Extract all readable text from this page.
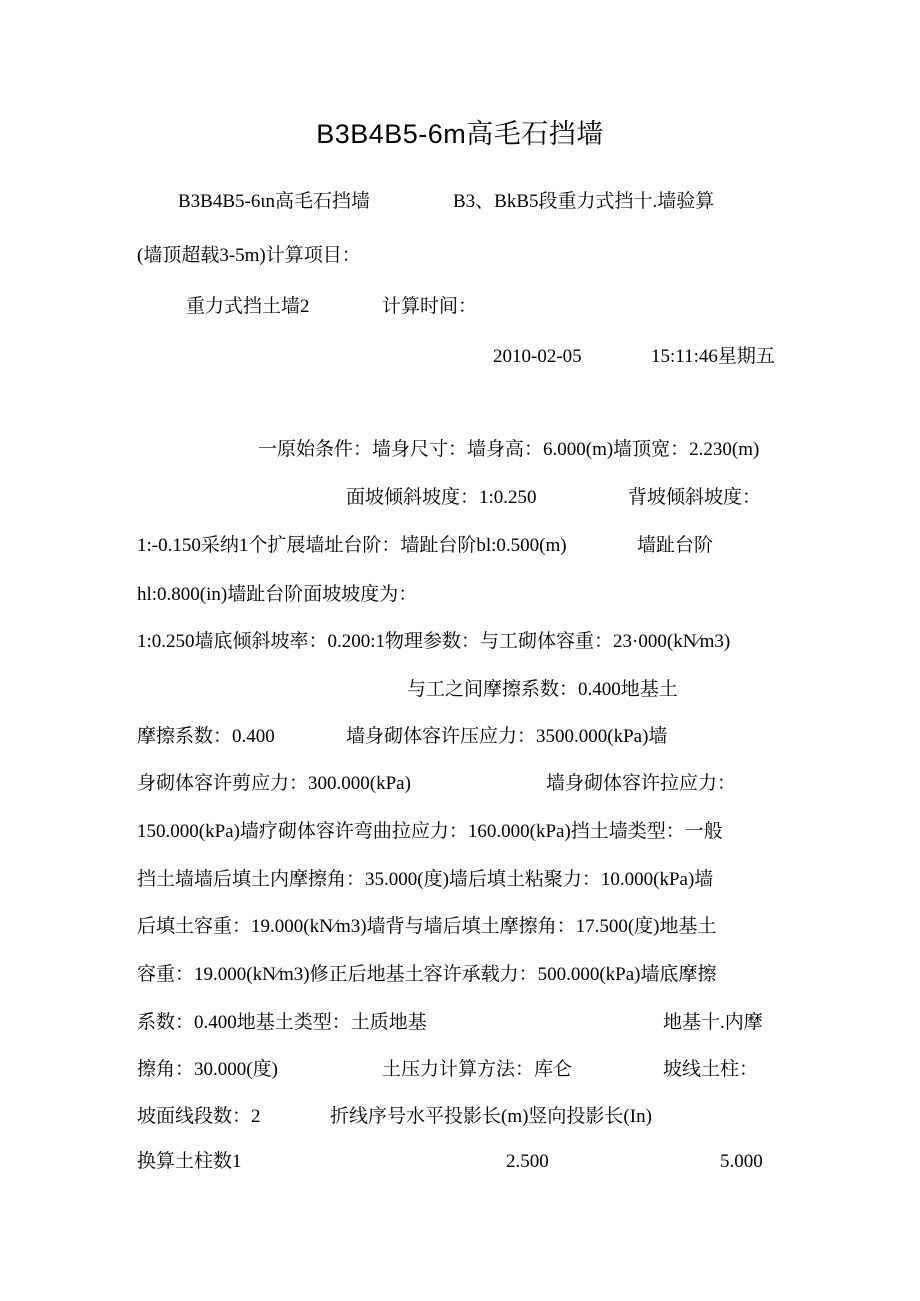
B3B4B5-6m高毛石挡墙
B3B4B5-6ιn高毛石挡墙	B3、BkB5段重力式挡十.墙验算
(墙顶超载3-5m)计算项目：
重力式挡土墙2	计算时间：
2010-02-05	15:11:46星期五
一原始条件：墙身尺寸：墙身高：6.000(m)墙顶宽：2.230(m)
面坡倾斜坡度：1:0.250	背坡倾斜坡度：
1:-0.150采纳1个扩展墙址台阶：墙趾台阶bl:0.500(m)	墙趾台阶
hl:0.800(in)墙趾台阶面坡坡度为：
1:0.250墙底倾斜坡率：0.200:1物理参数：与工砌体容重：23·000(kN∕m3)
与工之间摩擦系数：0.400地基土
摩擦系数：0.400	墙身砌体容许压应力：3500.000(kPa)墙
身砌体容许剪应力：300.000(kPa)	墙身砌体容许拉应力：
150.000(kPa)墙疗砌体容许弯曲拉应力：160.000(kPa)挡土墙类型：一般
挡土墙墙后填土内摩擦角：35.000(度)墙后填土粘聚力：10.000(kPa)墙
后填土容重：19.000(kN∕m3)墙背与墙后填土摩擦角：17.500(度)地基土
容重：19.000(kN∕m3)修正后地基土容许承载力：500.000(kPa)墙底摩擦
系数：0.400地基土类型：土质地基	地基十.内摩
擦角：30.000(度)	土压力计算方法：库仑	坡线土柱：
坡面线段数：2	折线序号水平投影长(m)竖向投影长(In)
换算土柱数1	2.500	5.000
